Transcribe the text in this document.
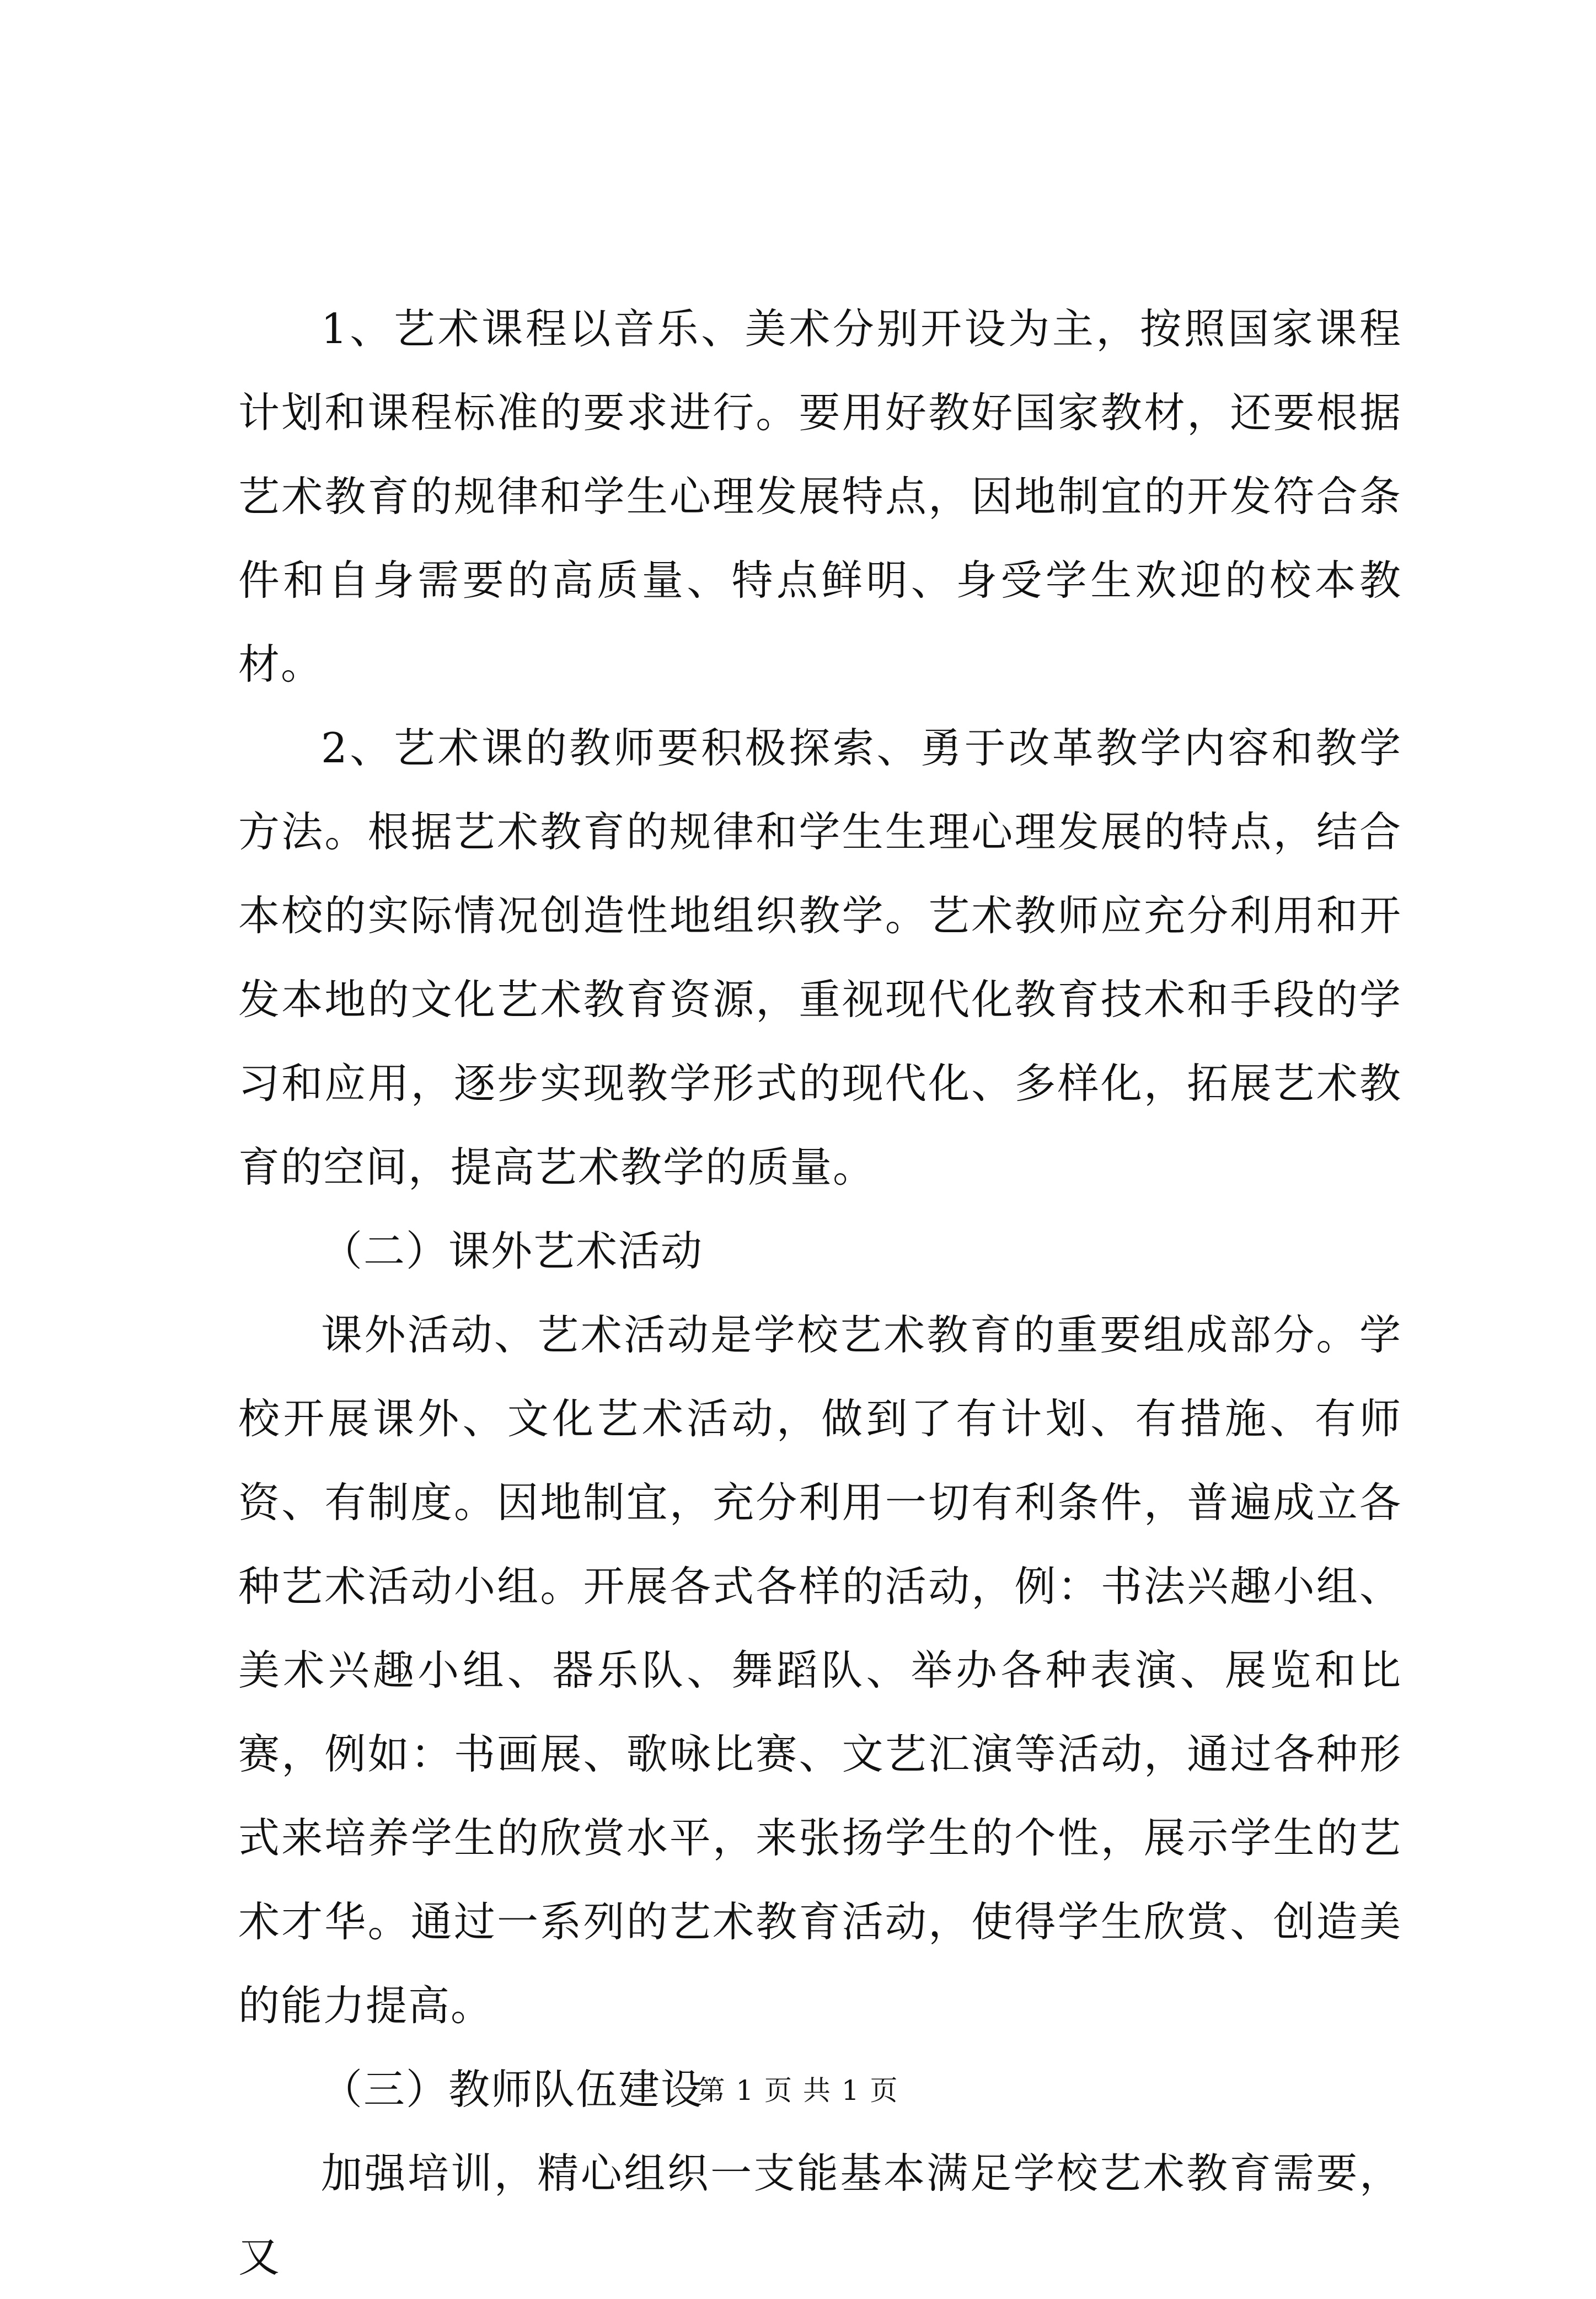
1、艺术课程以音乐、美术分别开设为主，按照国家课程计划和课程标准的要求进行。要用好教好国家教材，还要根据艺术教育的规律和学生心理发展特点，因地制宜的开发符合条件和自身需要的高质量、特点鲜明、身受学生欢迎的校本教材。

2、艺术课的教师要积极探索、勇于改革教学内容和教学方法。根据艺术教育的规律和学生生理心理发展的特点，结合本校的实际情况创造性地组织教学。艺术教师应充分利用和开发本地的文化艺术教育资源，重视现代化教育技术和手段的学习和应用，逐步实现教学形式的现代化、多样化，拓展艺术教育的空间，提高艺术教学的质量。

（二）课外艺术活动

课外活动、艺术活动是学校艺术教育的重要组成部分。学校开展课外、文化艺术活动，做到了有计划、有措施、有师资、有制度。因地制宜，充分利用一切有利条件，普遍成立各种艺术活动小组。开展各式各样的活动，例：书法兴趣小组、美术兴趣小组、器乐队、舞蹈队、举办各种表演、展览和比赛，例如：书画展、歌咏比赛、文艺汇演等活动，通过各种形式来培养学生的欣赏水平，来张扬学生的个性，展示学生的艺术才华。通过一系列的艺术教育活动，使得学生欣赏、创造美的能力提高。

（三）教师队伍建设

加强培训，精心组织一支能基本满足学校艺术教育需要，又

第 1 页 共 1 页
